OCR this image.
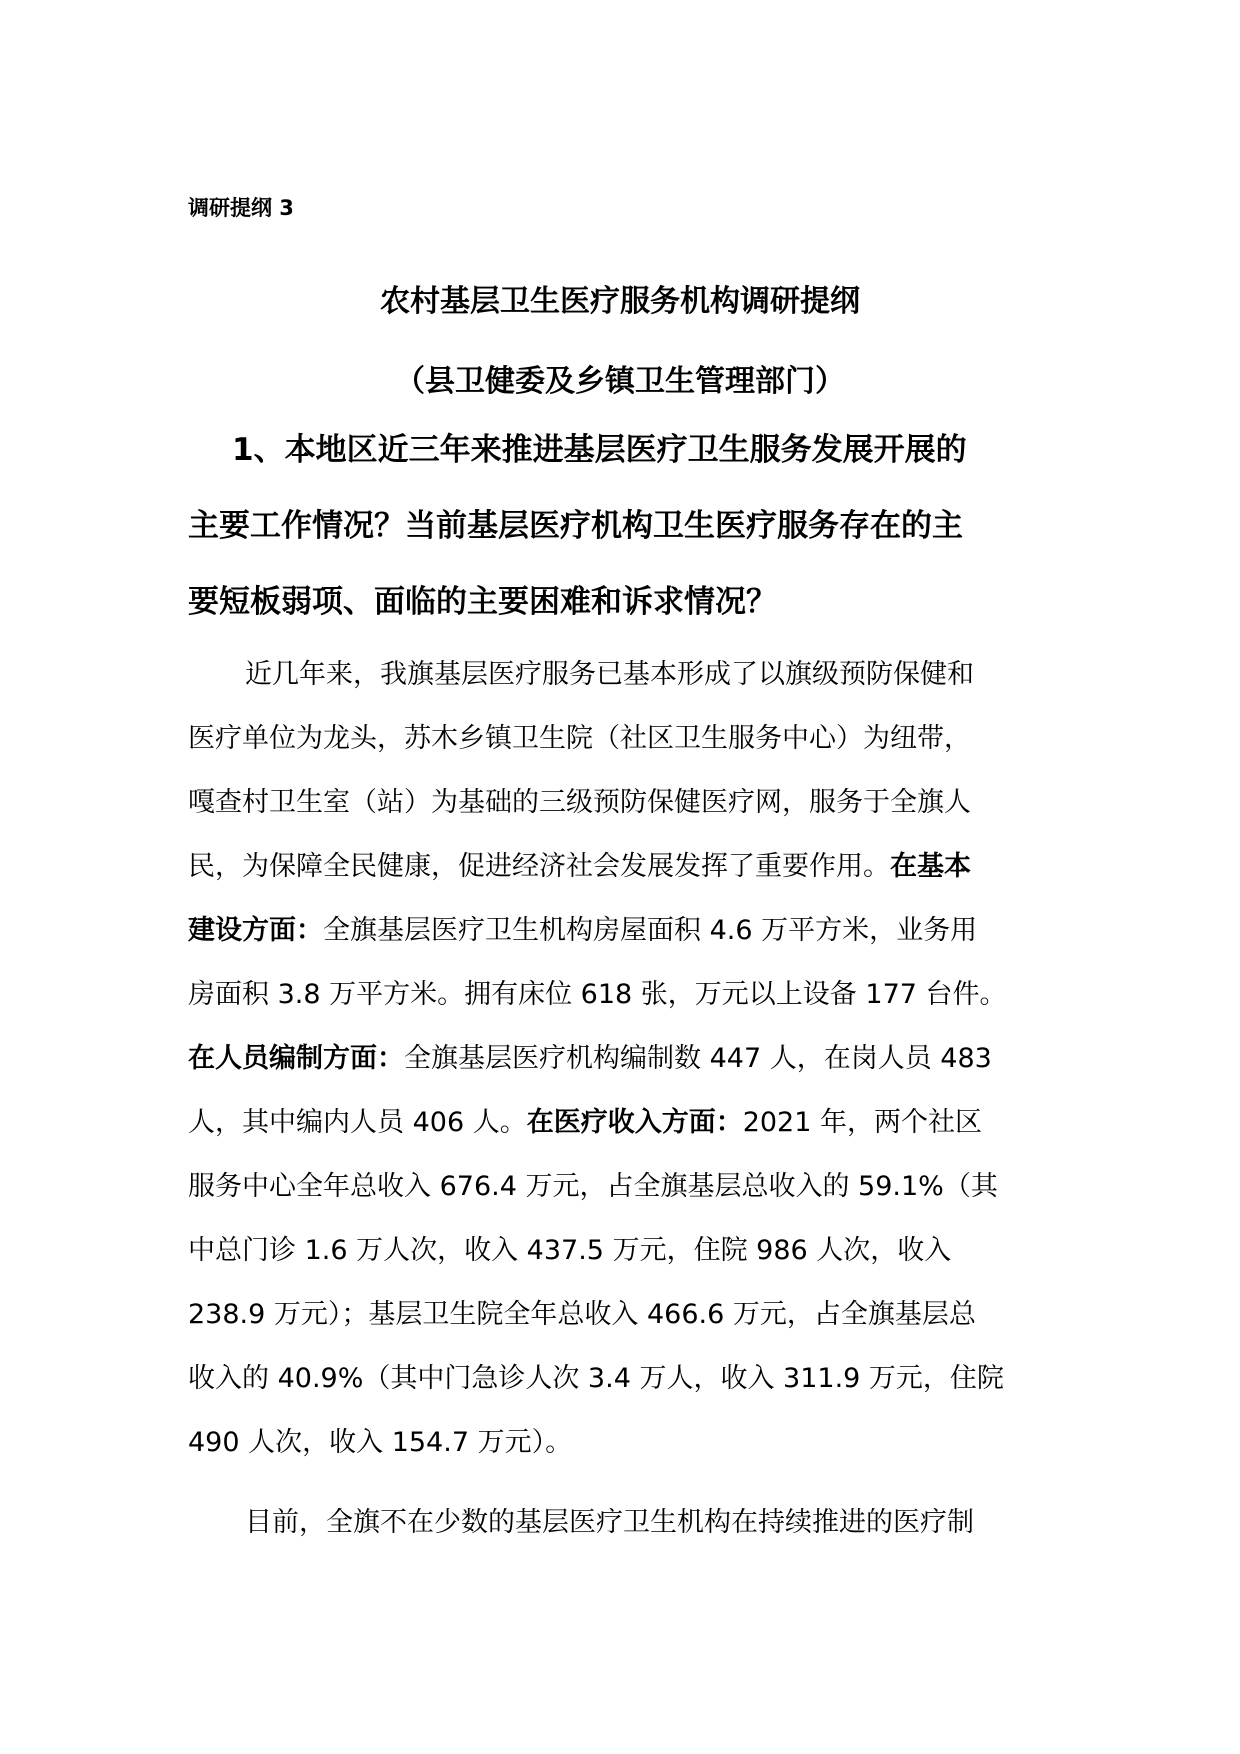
调研提纲 3
农村基层卫生医疗服务机构调研提纲
（县卫健委及乡镇卫生管理部门）
1、本地区近三年来推进基层医疗卫生服务发展开展的
主要工作情况？当前基层医疗机构卫生医疗服务存在的主
要短板弱项、面临的主要困难和诉求情况？
近几年来，我旗基层医疗服务已基本形成了以旗级预防保健和
医疗单位为龙头，苏木乡镇卫生院（社区卫生服务中心）为纽带，
嘎查村卫生室（站）为基础的三级预防保健医疗网，服务于全旗人
民，为保障全民健康，促进经济社会发展发挥了重要作用。在基本
建设方面：全旗基层医疗卫生机构房屋面积 4.6 万平方米，业务用
房面积 3.8 万平方米。拥有床位 618 张，万元以上设备 177 台件。
在人员编制方面：全旗基层医疗机构编制数 447 人，在岗人员 483
人，其中编内人员 406 人。在医疗收入方面：2021 年，两个社区
服务中心全年总收入 676.4 万元，占全旗基层总收入的 59.1%（其
中总门诊 1.6 万人次，收入 437.5 万元，住院 986 人次，收入
238.9 万元）；基层卫生院全年总收入 466.6 万元，占全旗基层总
收入的 40.9%（其中门急诊人次 3.4 万人，收入 311.9 万元，住院
490 人次，收入 154.7 万元）。
目前，全旗不在少数的基层医疗卫生机构在持续推进的医疗制
